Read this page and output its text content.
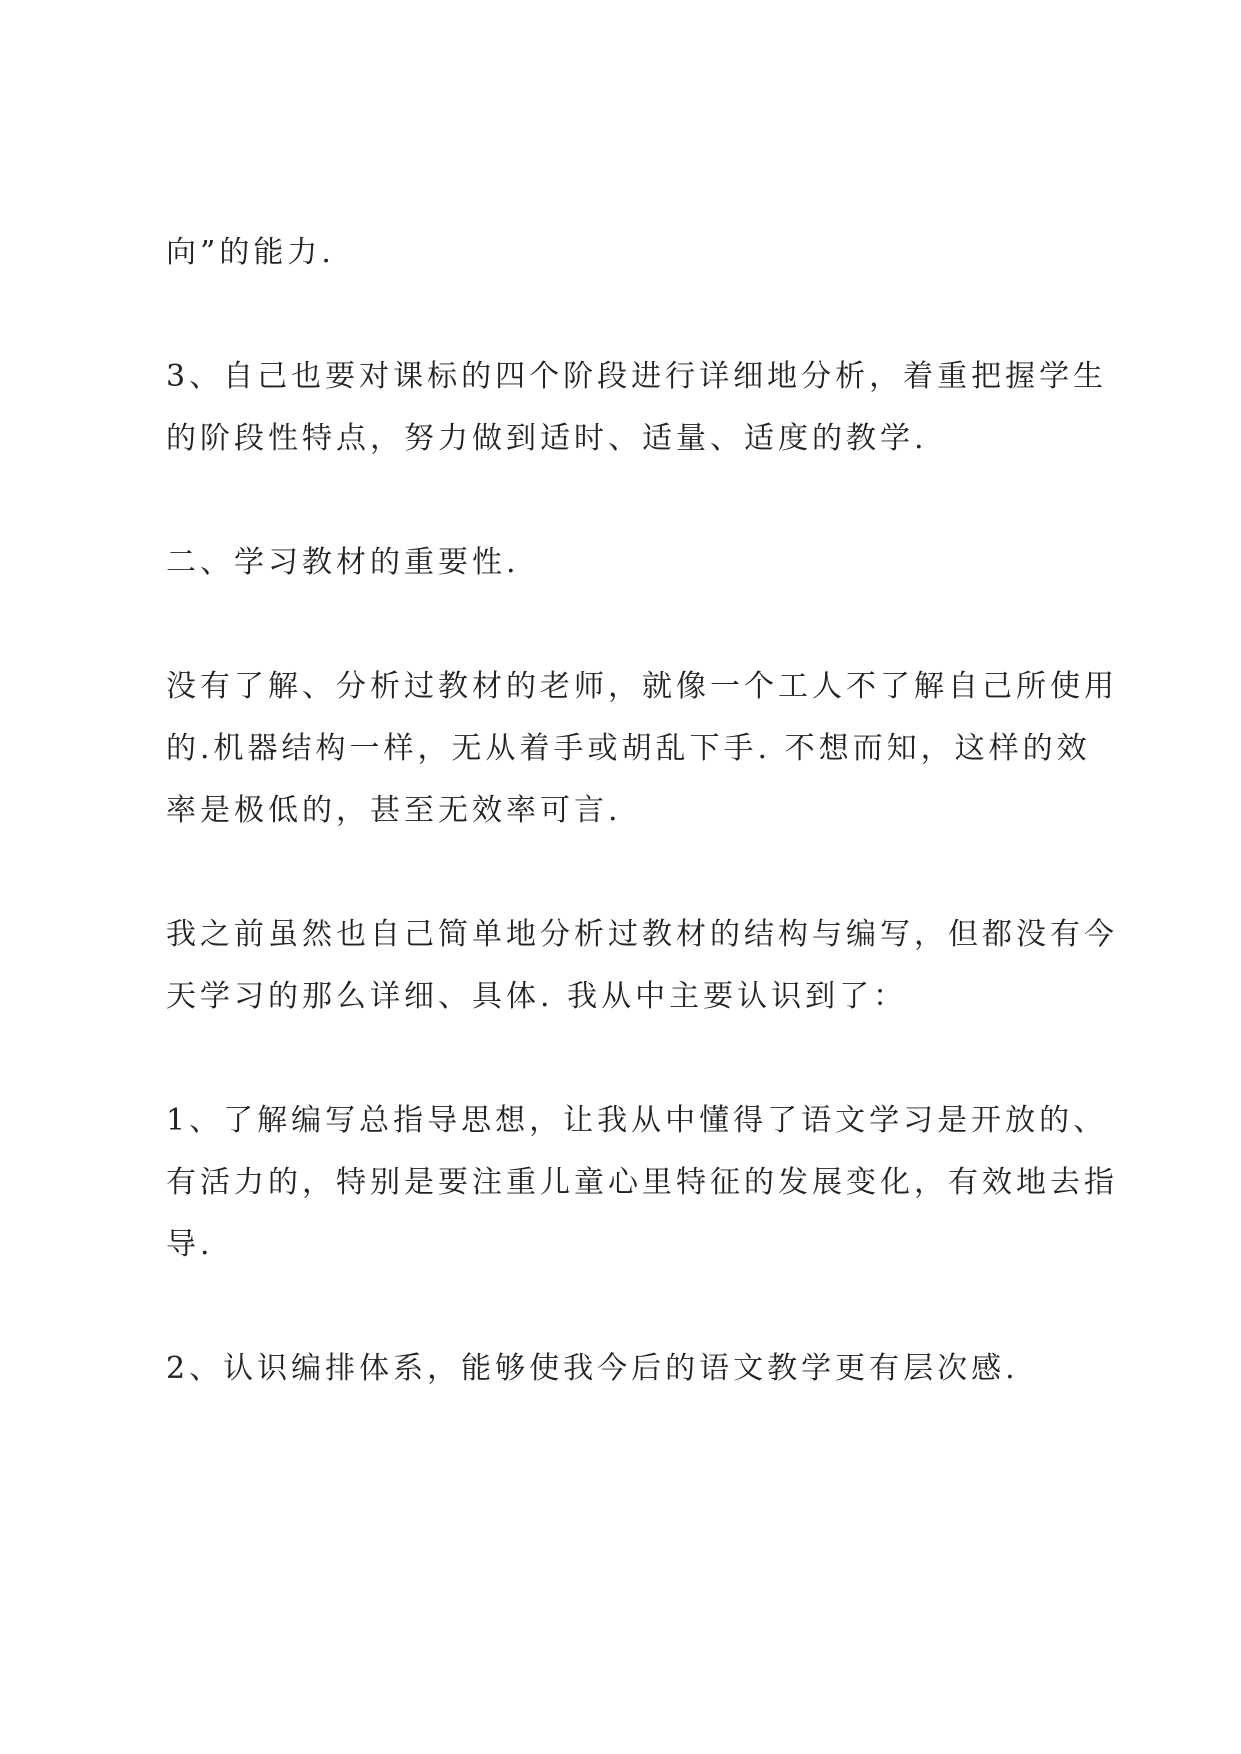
向”的能力.

3、自己也要对课标的四个阶段进行详细地分析，着重把握学生
的阶段性特点，努力做到适时、适量、适度的教学.

二、学习教材的重要性.

没有了解、分析过教材的老师，就像一个工人不了解自己所使用
的.机器结构一样，无从着手或胡乱下手. 不想而知，这样的效
率是极低的，甚至无效率可言.

我之前虽然也自己简单地分析过教材的结构与编写，但都没有今
天学习的那么详细、具体. 我从中主要认识到了：

1、了解编写总指导思想，让我从中懂得了语文学习是开放的、
有活力的，特别是要注重儿童心里特征的发展变化，有效地去指
导.

2、认识编排体系，能够使我今后的语文教学更有层次感.
